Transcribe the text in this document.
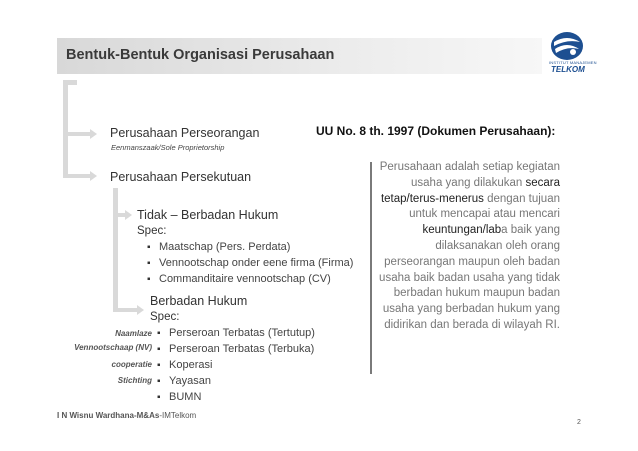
Bentuk-Bentuk Organisasi Perusahaan	INSTITUT MANAJEMEN
TELKOM
Perusahaan Perseorangan
Eenmanszaak/Sole Proprietorship
Perusahaan Persekutuan
Tidak – Berbadan Hukum
Spec:
▪ Maatschap (Pers. Perdata)
▪ Vennootschap onder eene firma (Firma)
▪ Commanditaire vennootschap (CV)
Berbadan Hukum
Spec:
▪ Perseroan Terbatas (Tertutup)
▪ Perseroan Terbatas (Terbuka)
▪ Koperasi
▪ Yayasan
▪ BUMN
Naamlaze
Vennootschaap (NV)
cooperatie
Stichting
UU No. 8 th. 1997 (Dokumen Perusahaan):
Perusahaan adalah setiap kegiatan usaha yang dilakukan secara tetap/terus-menerus dengan tujuan untuk mencapai atau mencari keuntungan/laba baik yang dilaksanakan oleh orang perseorangan maupun oleh badan usaha baik badan usaha yang tidak berbadan hukum maupun badan usaha yang berbadan hukum yang didirikan dan berada di wilayah RI.
I N Wisnu Wardhana-M&As-IMTelkom
2
